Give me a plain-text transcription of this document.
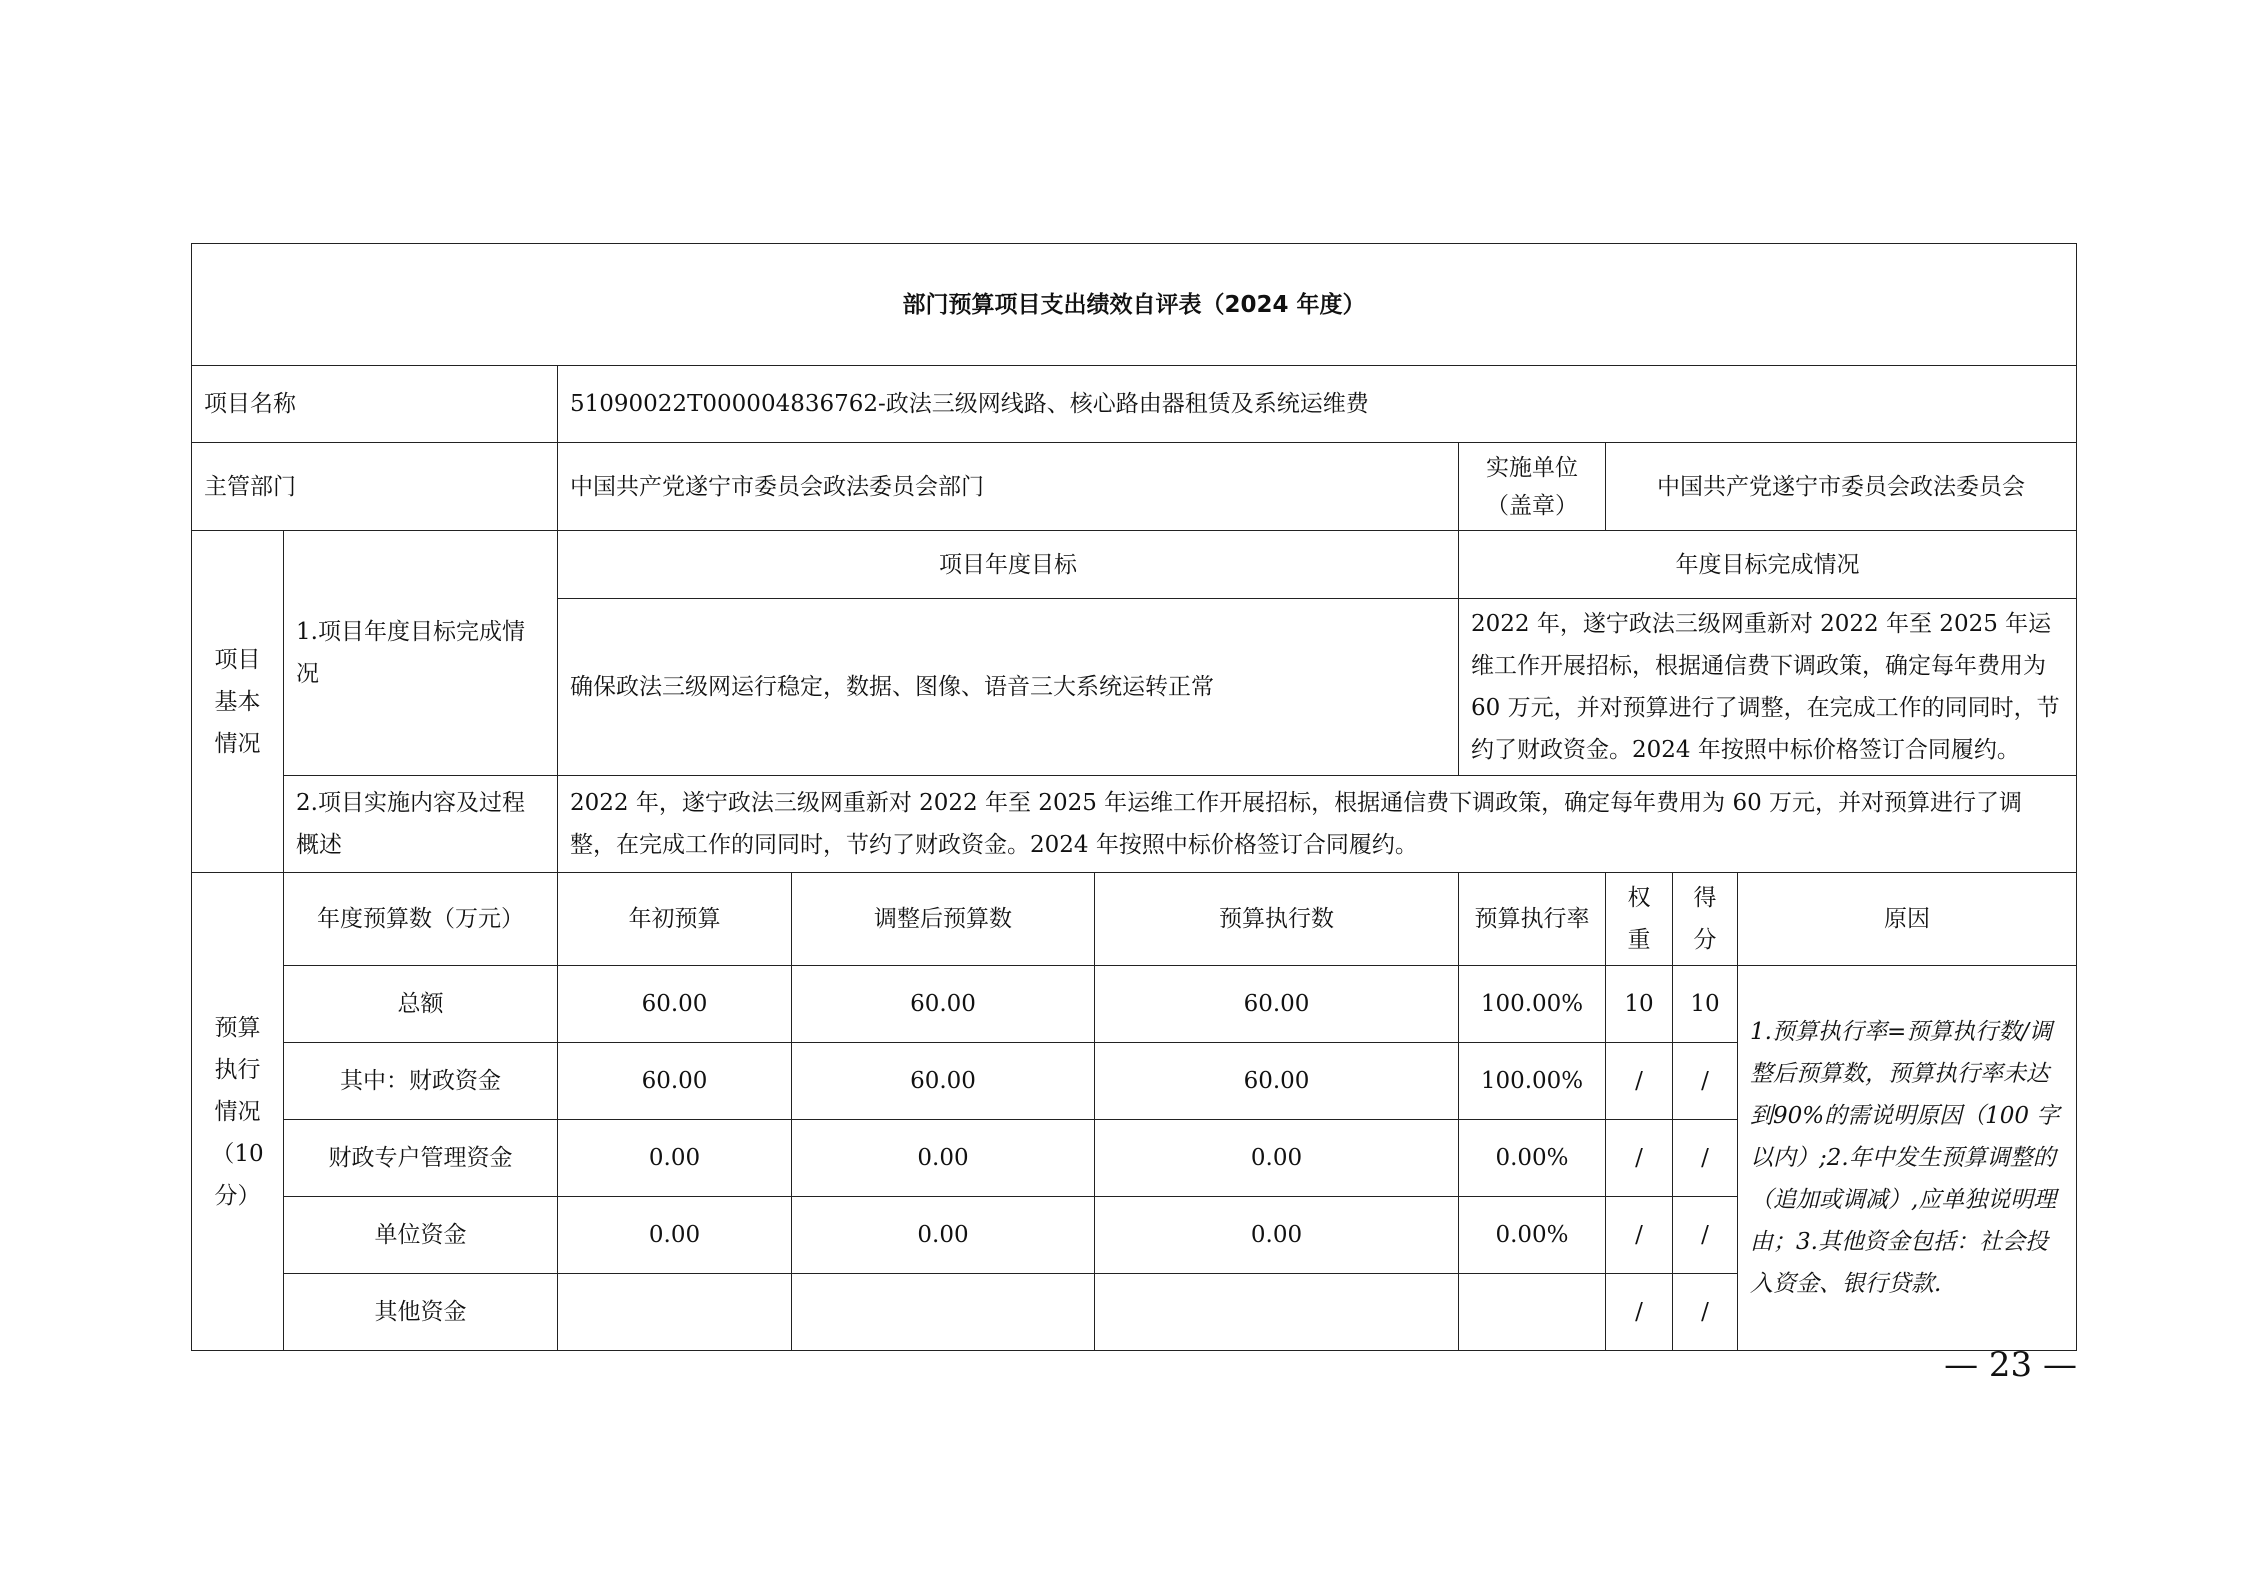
部门预算项目支出绩效自评表（2024 年度）								
项目名称		51090022T000004836762-政法三级网线路、核心路由器租赁及系统运维费						
主管部门		中国共产党遂宁市委员会政法委员会部门			实施单位（盖章）	中国共产党遂宁市委员会政法委员会		
项目基本情况	1.项目年度目标完成情况	项目年度目标			年度目标完成情况			
		确保政法三级网运行稳定，数据、图像、语音三大系统运转正常			2022 年，遂宁政法三级网重新对 2022 年至 2025 年运维工作开展招标，根据通信费下调政策，确定每年费用为 60 万元，并对预算进行了调整，在完成工作的同同时，节约了财政资金。2024 年按照中标价格签订合同履约。			
	2.项目实施内容及过程概述	2022 年，遂宁政法三级网重新对 2022 年至 2025 年运维工作开展招标，根据通信费下调政策，确定每年费用为 60 万元，并对预算进行了调整，在完成工作的同同时，节约了财政资金。2024 年按照中标价格签订合同履约。						
预算执行情况（10分）	年度预算数（万元）	年初预算	调整后预算数	预算执行数	预算执行率	权重	得分	原因
	总额	60.00	60.00	60.00	100.00%	10	10	1.预算执行率=预算执行数/调整后预算数，预算执行率未达到90%的需说明原因（100 字以内）;2.年中发生预算调整的（追加或调减）,应单独说明理由；3.其他资金包括：社会投入资金、银行贷款.
	其中：财政资金	60.00	60.00	60.00	100.00%	/	/	
	财政专户管理资金	0.00	0.00	0.00	0.00%	/	/	
	单位资金	0.00	0.00	0.00	0.00%	/	/	
	其他资金					/	/	
— 23 —
